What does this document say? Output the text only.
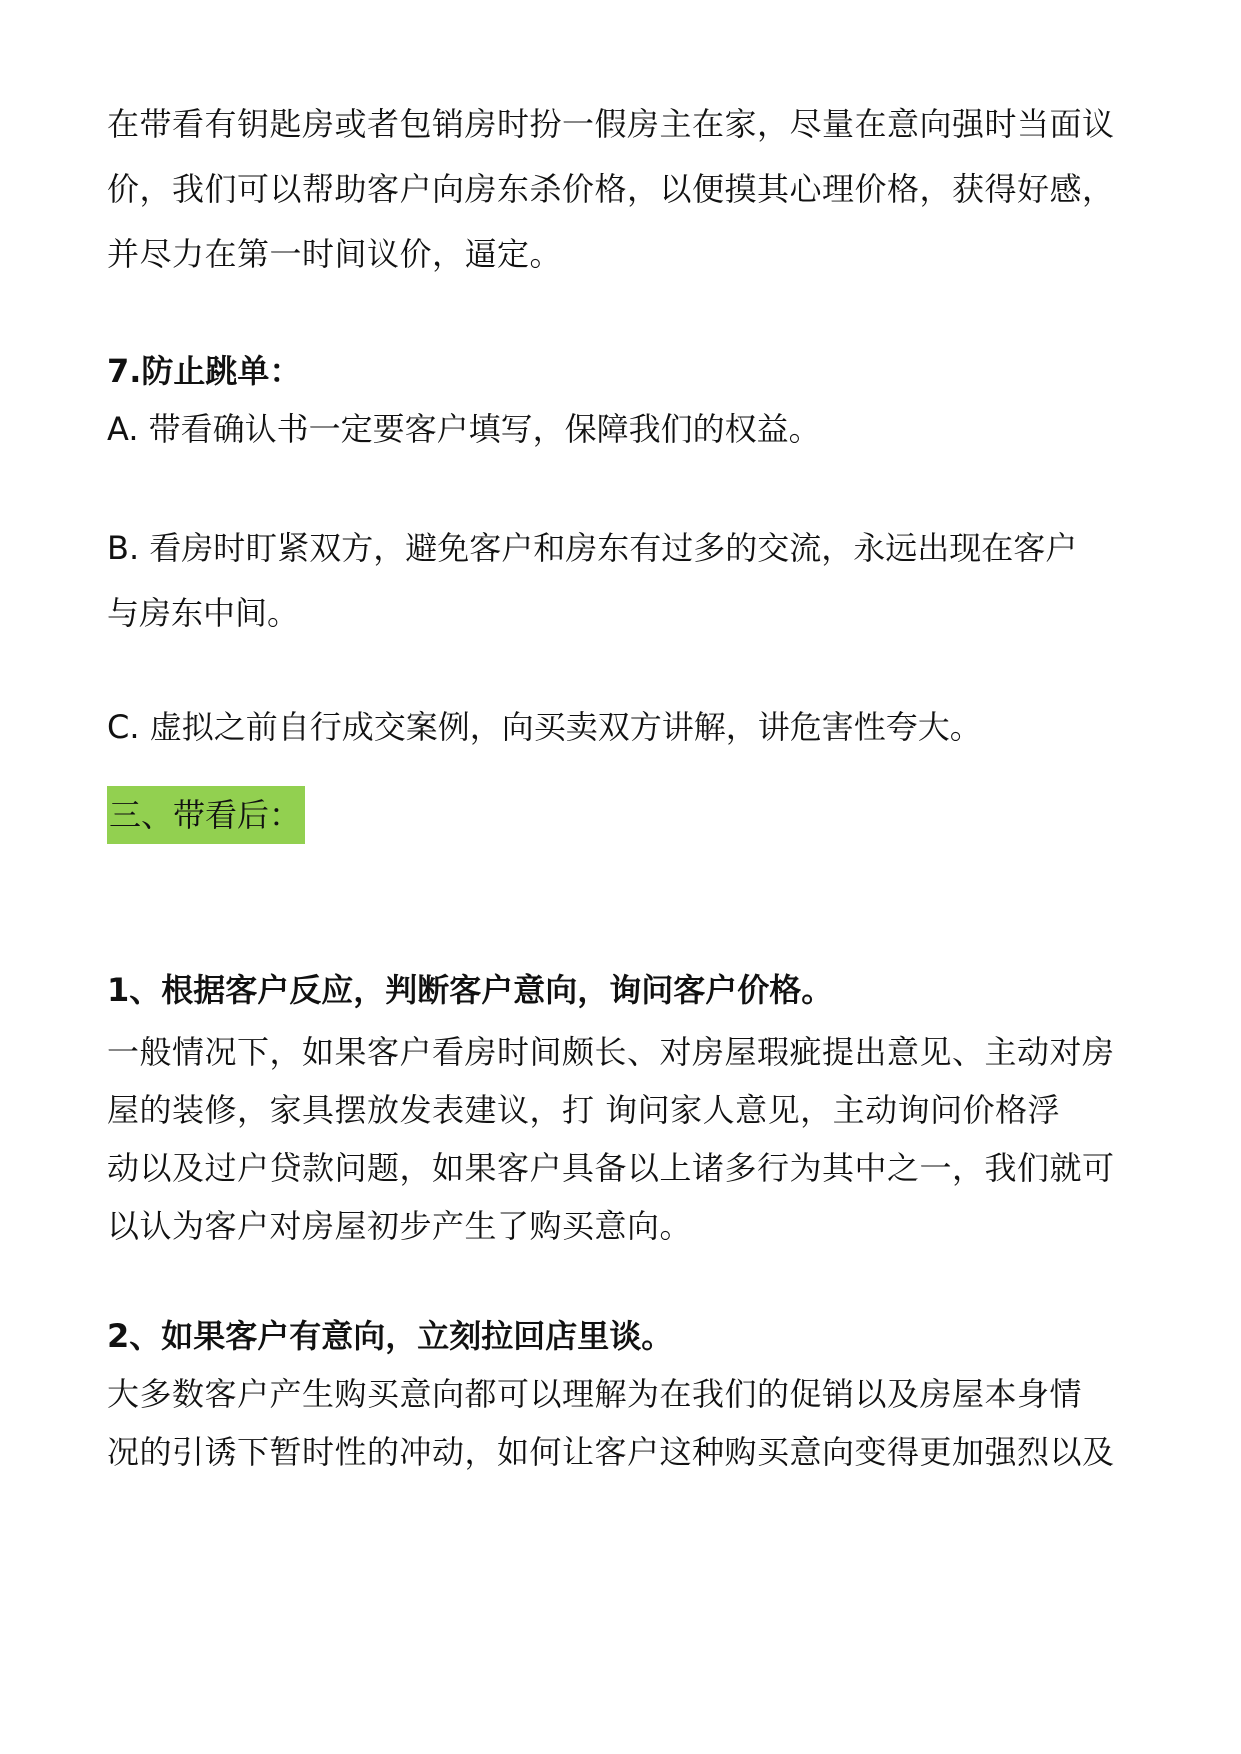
在带看有钥匙房或者包销房时扮一假房主在家，尽量在意向强时当面议

价，我们可以帮助客户向房东杀价格，以便摸其心理价格，获得好感，

并尽力在第一时间议价，逼定。

7.防止跳单：

A. 带看确认书一定要客户填写，保障我们的权益。

B. 看房时盯紧双方，避免客户和房东有过多的交流，永远出现在客户

与房东中间。

C. 虚拟之前自行成交案例，向买卖双方讲解，讲危害性夸大。

三、带看后：

1、根据客户反应，判断客户意向，询问客户价格。

一般情况下，如果客户看房时间颇长、对房屋瑕疵提出意见、主动对房

屋的装修，家具摆放发表建议，打 询问家人意见，主动询问价格浮

动以及过户贷款问题，如果客户具备以上诸多行为其中之一，我们就可

以认为客户对房屋初步产生了购买意向。

2、如果客户有意向，立刻拉回店里谈。

大多数客户产生购买意向都可以理解为在我们的促销以及房屋本身情

况的引诱下暂时性的冲动，如何让客户这种购买意向变得更加强烈以及
